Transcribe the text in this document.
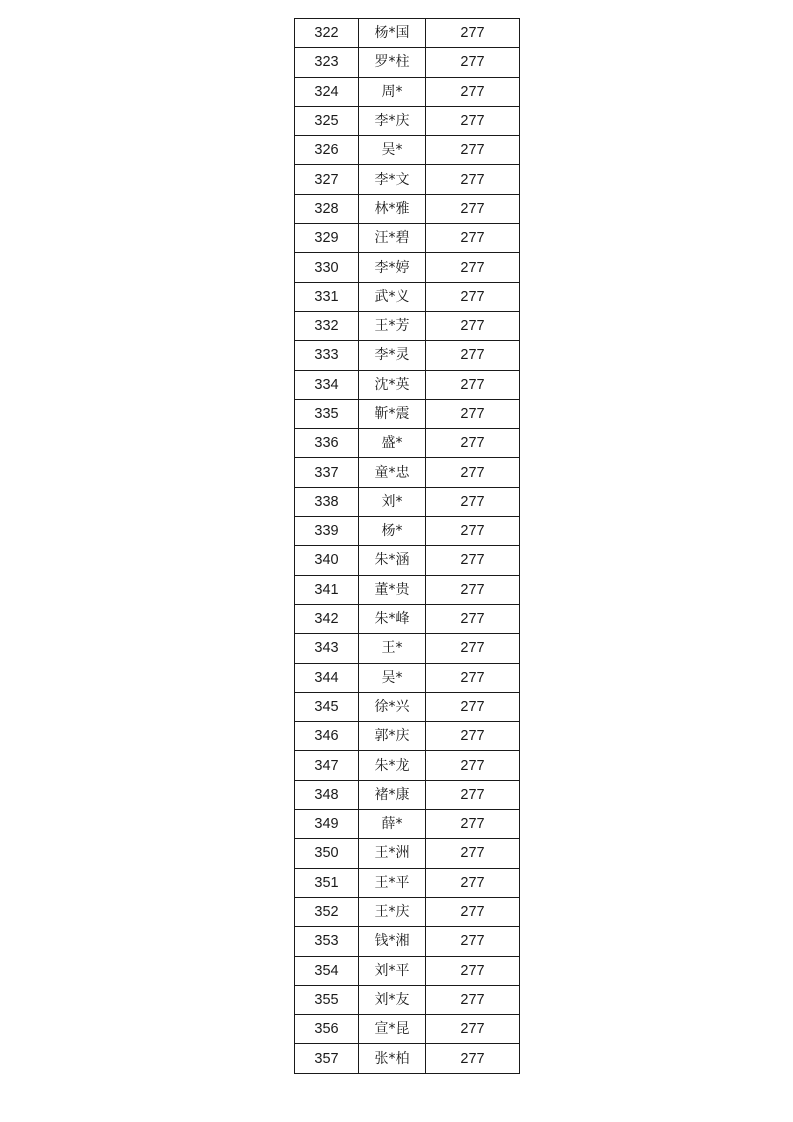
322	杨*国	277
323	罗*柱	277
324	周*	277
325	李*庆	277
326	吴*	277
327	李*文	277
328	林*雅	277
329	汪*碧	277
330	李*婷	277
331	武*义	277
332	王*芳	277
333	李*灵	277
334	沈*英	277
335	靳*震	277
336	盛*	277
337	童*忠	277
338	刘*	277
339	杨*	277
340	朱*涵	277
341	董*贵	277
342	朱*峰	277
343	王*	277
344	吴*	277
345	徐*兴	277
346	郭*庆	277
347	朱*龙	277
348	褚*康	277
349	薛*	277
350	王*洲	277
351	王*平	277
352	王*庆	277
353	钱*湘	277
354	刘*平	277
355	刘*友	277
356	宣*昆	277
357	张*柏	277
